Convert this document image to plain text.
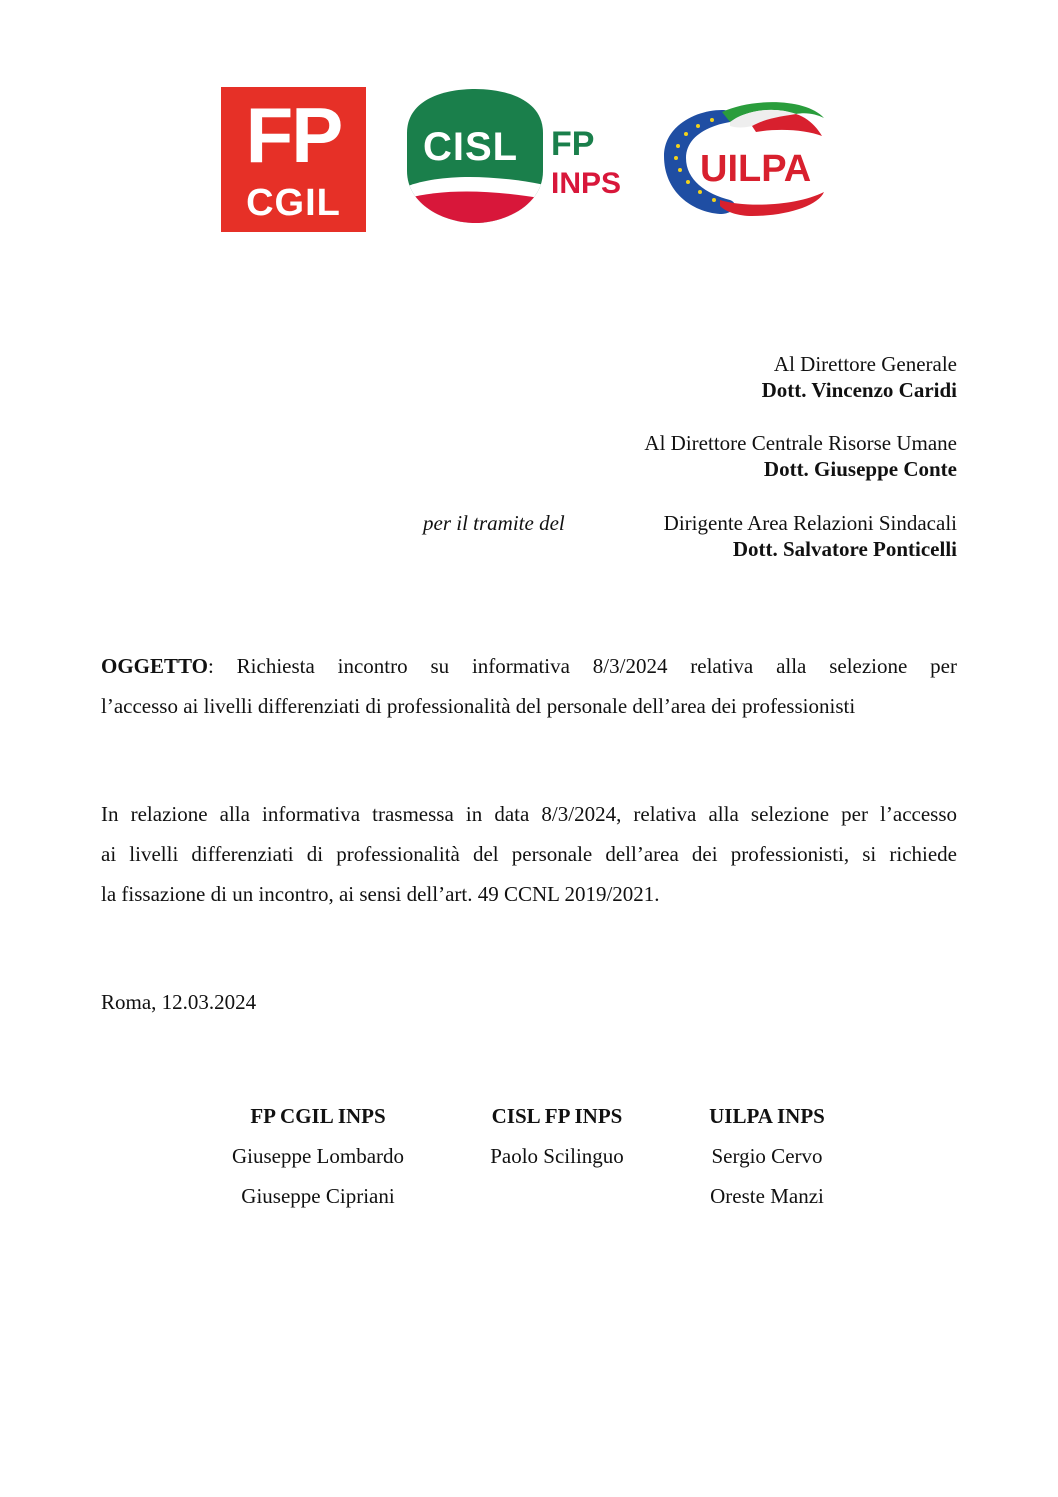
FP
CGIL
CISL FP
INPS UILPA
Al Direttore Generale
Dott. Vincenzo Caridi
Al Direttore Centrale Risorse Umane
Dott. Giuseppe Conte
per il tramite del	Dirigente Area Relazioni Sindacali
Dott. Salvatore Ponticelli
OGGETTO: Richiesta incontro su informativa 8/3/2024 relativa alla selezione per
l’accesso ai livelli differenziati di professionalità del personale dell’area dei professionisti
In relazione alla informativa trasmessa in data 8/3/2024, relativa alla selezione per l’accesso
ai livelli differenziati di professionalità del personale dell’area dei professionisti, si richiede
la fissazione di un incontro, ai sensi dell’art. 49 CCNL 2019/2021.
Roma, 12.03.2024
FP CGIL INPS
Giuseppe Lombardo
Giuseppe Cipriani
CISL FP INPS
Paolo Scilinguo
UILPA INPS
Sergio Cervo
Oreste Manzi
